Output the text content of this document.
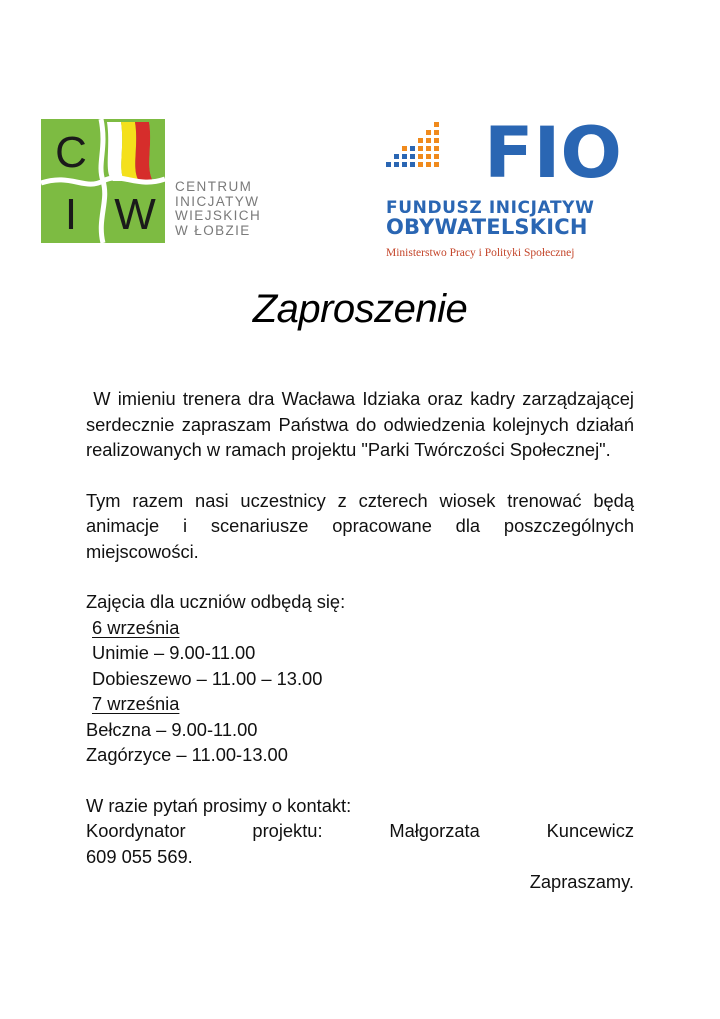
C
I W
CENTRUM
INICJATYW
WIEJSKICH
W ŁOBZIE
FIO
FUNDUSZ INICJATYW
OBYWATELSKICH
Ministerstwo Pracy i Polityki Społecznej
Zaproszenie

W imieniu trenera dra Wacława Idziaka oraz kadry zarządzającej serdecznie zapraszam Państwa do odwiedzenia kolejnych działań realizowanych w ramach projektu "Parki Twórczości Społecznej".

Tym razem nasi uczestnicy z czterech wiosek trenować będą animacje i scenariusze opracowane dla poszczególnych miejscowości.

Zajęcia dla uczniów odbędą się:
6 września
Unimie – 9.00-11.00
Dobieszewo – 11.00 – 13.00
7 września
Bełczna – 9.00-11.00
Zagórzyce – 11.00-13.00
W razie pytań prosimy o kontakt:
Koordynator	projektu:	Małgorzata	Kuncewicz
609 055 569.
Zapraszamy.
